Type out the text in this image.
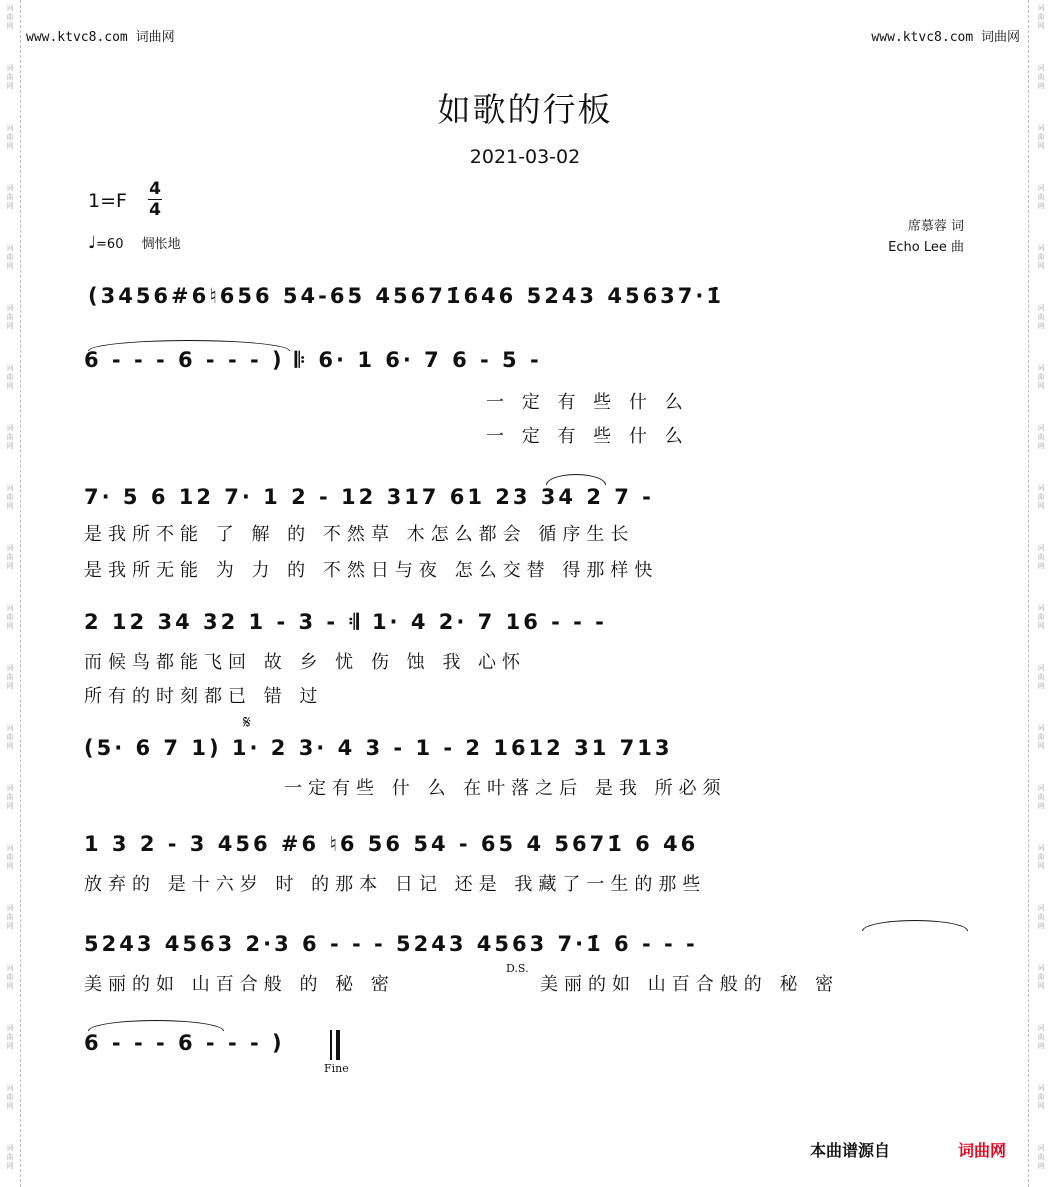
词
曲
网
词
曲
网
词
曲
网
词
曲
网
词
曲
网
词
曲
网
词
曲
网
词
曲
网
词
曲
网
词
曲
网
词
曲
网
词
曲
网
词
曲
网
词
曲
网
词
曲
网
词
曲
网
词
曲
网
词
曲
网
词
曲
网
词
曲
网
词
曲
网
词
曲
网
词
曲
网
词
曲
网
词
曲
网
词
曲
网
词
曲
网
词
曲
网
词
曲
网
词
曲
网
词
曲
网
词
曲
网
词
曲
网
词
曲
网
词
曲
网
词
曲
网
词
曲
网
词
曲
网
词
曲
网
词
曲
网
www.ktvc8.com 词曲网	www.ktvc8.com 词曲网
如歌的行板
2021-03-02
1=F
4
4
♩=60 惆怅地
席慕蓉 词
Echo Lee 曲
(3456#6♮656 54-65 45671̇646 5243 45637·1̇
6 - - - 6 - - - ) 𝄆 6· 1 6· 7 6 - 5 -
一 定 有 些 什 么
一 定 有 些 什 么
7· 5 6 12 7· 1 2 - 12 317 61 23 34 2 7 -
是我所不能 了 解 的 不然草 木怎么都会 循序生长
是我所无能 为 力 的 不然日与夜 怎么交替 得那样快
2 12 34 32 1 - 3 - 𝄇 1· 4 2· 7 16 - - -
而候鸟都能飞回 故 乡 忧 伤 蚀 我 心怀
所有的时刻都已 错 过
𝄋
(5· 6 7 1) 1· 2 3· 4 3 - 1 - 2 1612 31 713
一定有些 什 么 在叶落之后 是我 所必须
1 3 2 - 3 456 #6 ♮6 56 54 - 65 4 5671̇ 6 46
放弃的 是十六岁 时 的那本 日记 还是 我藏了一生的那些
5243 4563 2·3 6 - - - 5243 4563 7·1̇ 6 - - -
美丽的如 山百合般 的 秘 密	美丽的如 山百合般的 秘 密
D.S.
6 - - - 6 - - - )
Fine
本曲谱源自	词曲网
